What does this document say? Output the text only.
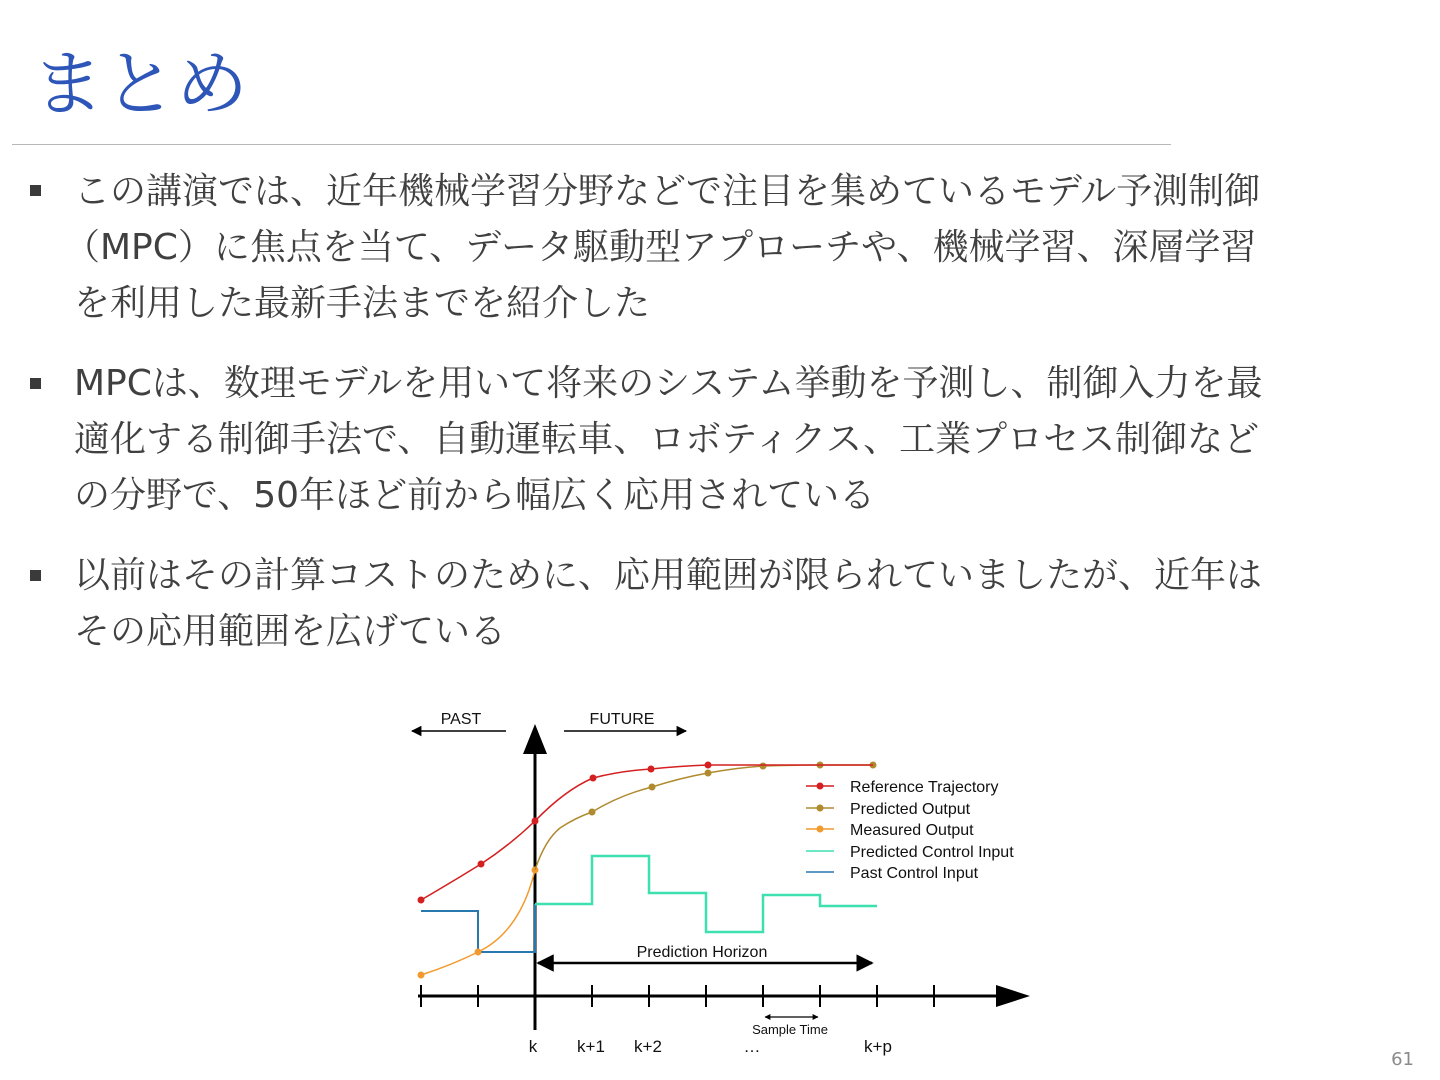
まとめ
この講演では、近年機械学習分野などで注目を集めているモデル予測制御
（MPC）に焦点を当て、データ駆動型アプローチや、機械学習、深層学習
を利用した最新手法までを紹介した
MPCは、数理モデルを用いて将来のシステム挙動を予測し、制御入力を最
適化する制御手法で、自動運転車、ロボティクス、工業プロセス制御など
の分野で、50年ほど前から幅広く応用されている
以前はその計算コストのために、応用範囲が限られていましたが、近年は
その応用範囲を広げている
PAST	FUTURE
k k+1 k+2	…	k+p
Sample Time
Prediction Horizon
Reference Trajectory
Predicted Output
Measured Output
Predicted Control Input
Past Control Input
61
